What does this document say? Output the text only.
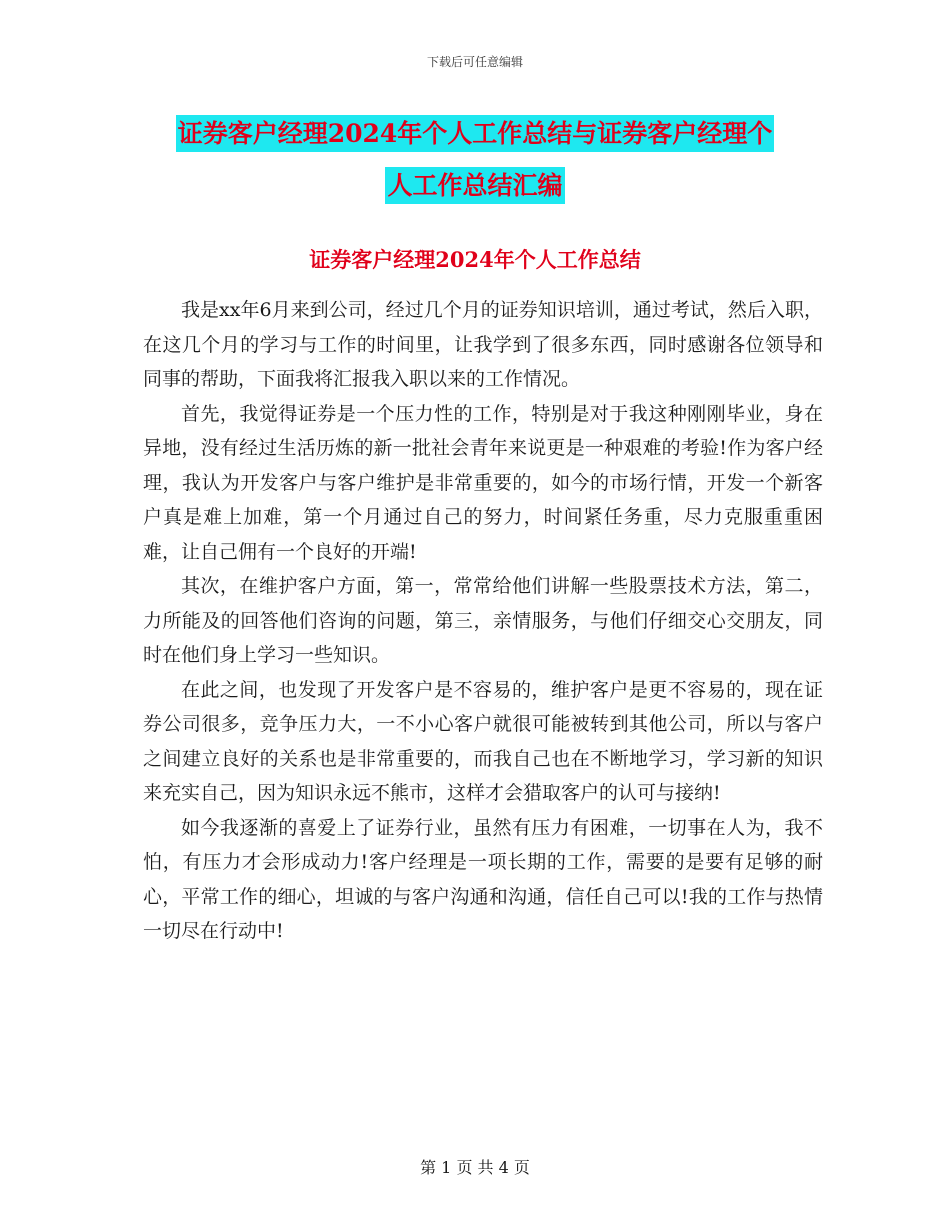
下载后可任意编辑
证券客户经理2024年个人工作总结与证券客户经理个
人工作总结汇编
证券客户经理2024年个人工作总结

我是xx年6月来到公司，经过几个月的证券知识培训，通过考试，然后入职，在这几个月的学习与工作的时间里，让我学到了很多东西，同时感谢各位领导和同事的帮助，下面我将汇报我入职以来的工作情况。

首先，我觉得证券是一个压力性的工作，特别是对于我这种刚刚毕业，身在异地，没有经过生活历炼的新一批社会青年来说更是一种艰难的考验!作为客户经理，我认为开发客户与客户维护是非常重要的，如今的市场行情，开发一个新客户真是难上加难，第一个月通过自己的努力，时间紧任务重，尽力克服重重困难，让自己佣有一个良好的开端!

其次，在维护客户方面，第一，常常给他们讲解一些股票技术方法，第二，力所能及的回答他们咨询的问题，第三，亲情服务，与他们仔细交心交朋友，同时在他们身上学习一些知识。

在此之间，也发现了开发客户是不容易的，维护客户是更不容易的，现在证券公司很多，竞争压力大，一不小心客户就很可能被转到其他公司，所以与客户之间建立良好的关系也是非常重要的，而我自己也在不断地学习，学习新的知识来充实自己，因为知识永远不熊市，这样才会猎取客户的认可与接纳!

如今我逐渐的喜爱上了证券行业，虽然有压力有困难，一切事在人为，我不怕，有压力才会形成动力!客户经理是一项长期的工作，需要的是要有足够的耐心，平常工作的细心，坦诚的与客户沟通和沟通，信任自己可以!我的工作与热情一切尽在行动中!

第 1 页 共 4 页
